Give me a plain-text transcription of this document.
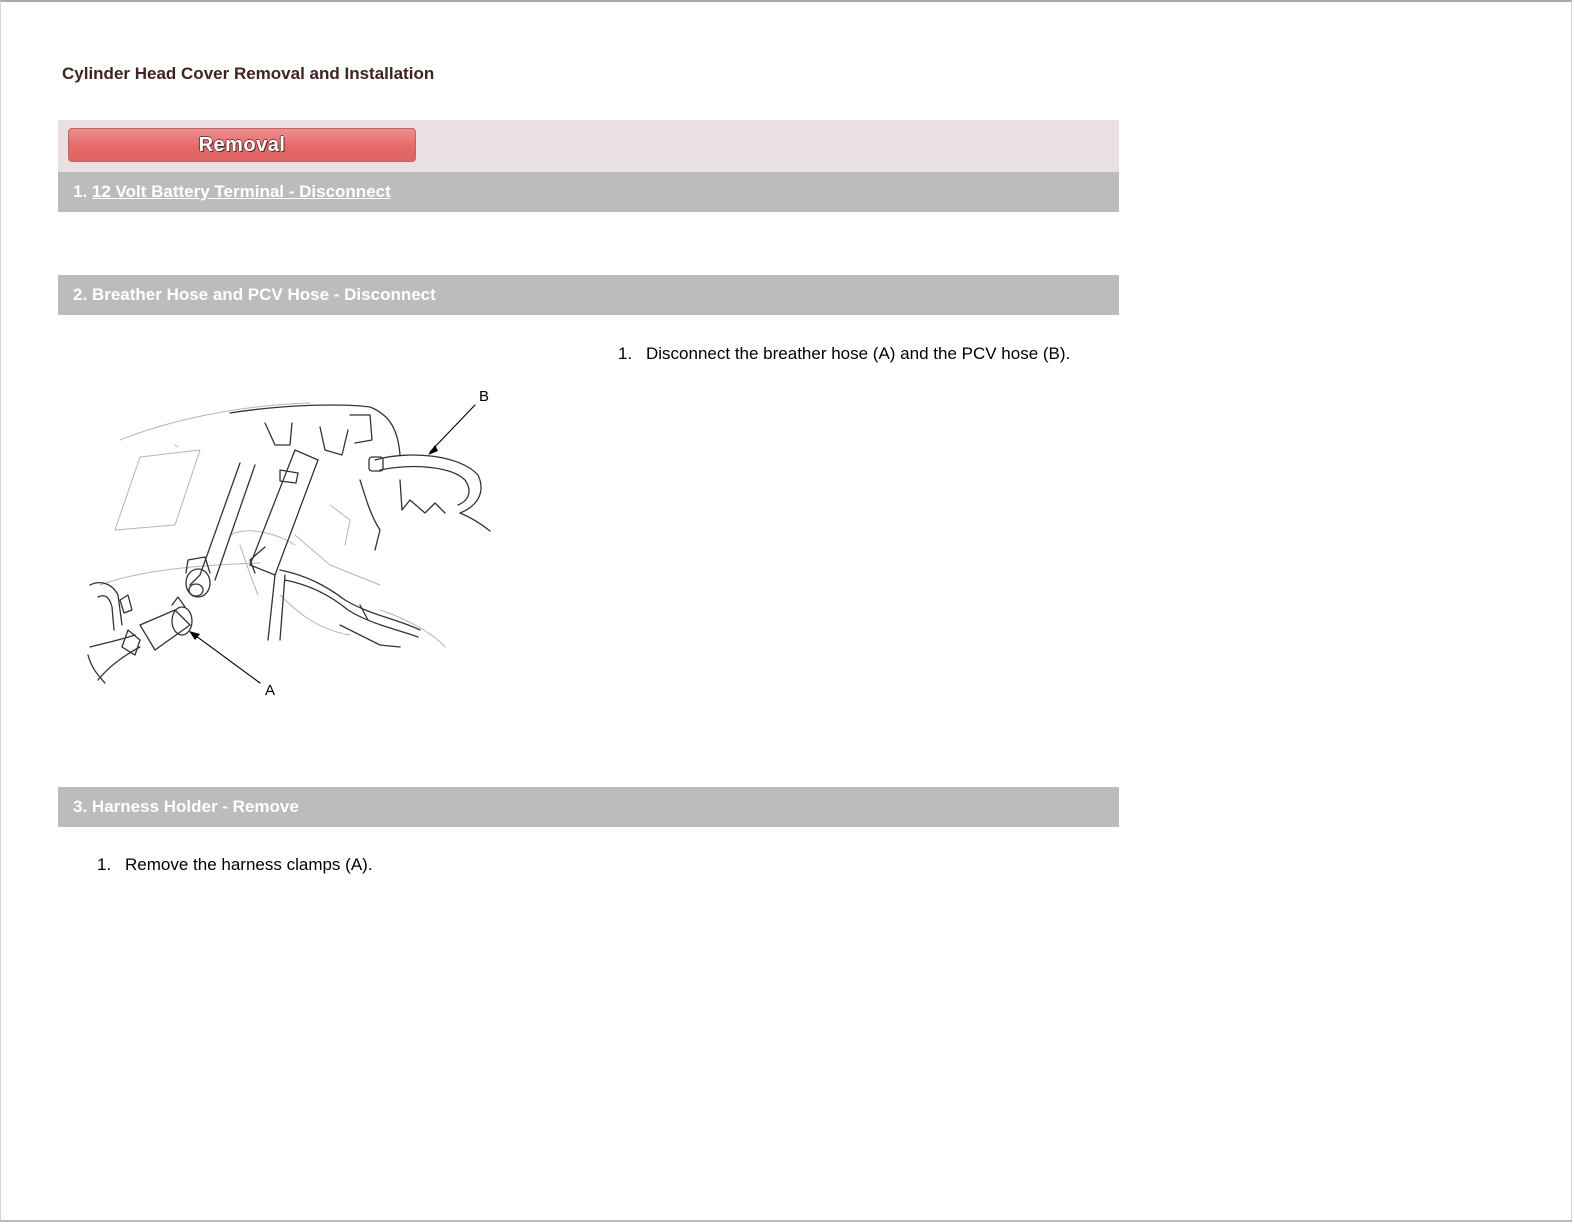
Cylinder Head Cover Removal and Installation
Removal
1. 12 Volt Battery Terminal - Disconnect
2. Breather Hose and PCV Hose - Disconnect
1. Disconnect the breather hose (A) and the PCV hose (B).
B
A
3. Harness Holder - Remove
1. Remove the harness clamps (A).
